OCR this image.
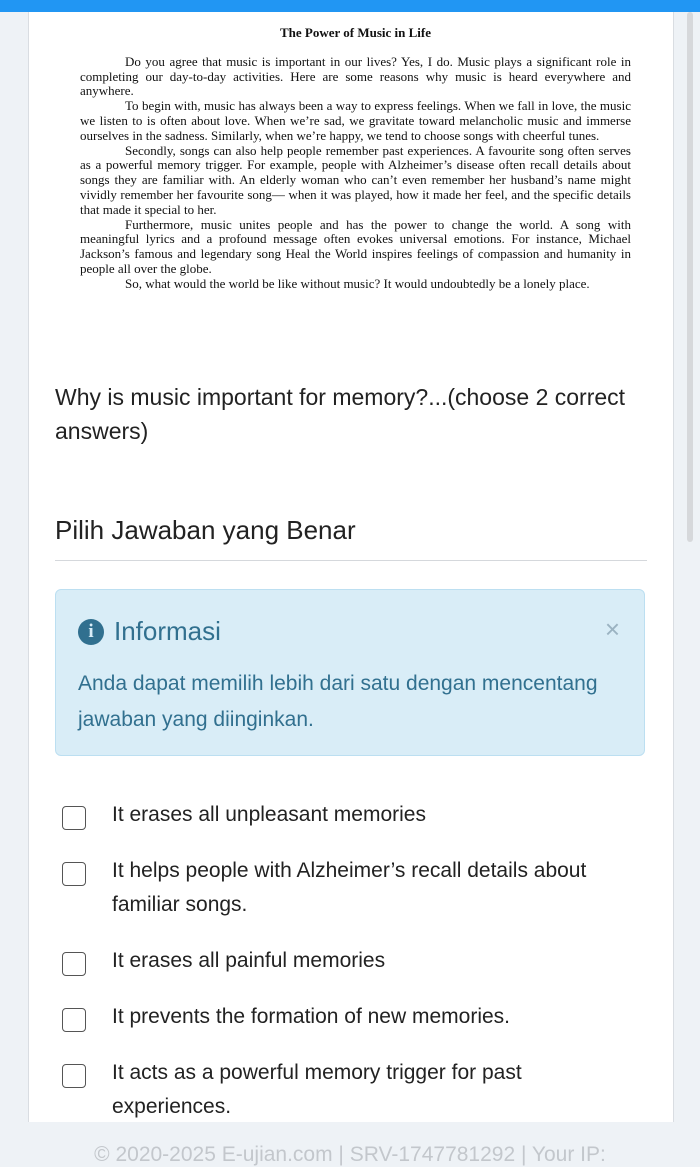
The Power of Music in Life

Do you agree that music is important in our lives? Yes, I do. Music plays a significant role in completing our day-to-day activities. Here are some reasons why music is heard everywhere and anywhere.

To begin with, music has always been a way to express feelings. When we fall in love, the music we listen to is often about love. When we’re sad, we gravitate toward melancholic music and immerse ourselves in the sadness. Similarly, when we’re happy, we tend to choose songs with cheerful tunes.

Secondly, songs can also help people remember past experiences. A favourite song often serves as a powerful memory trigger. For example, people with Alzheimer’s disease often recall details about songs they are familiar with. An elderly woman who can’t even remember her husband’s name might vividly remember her favourite song— when it was played, how it made her feel, and the specific details that made it special to her.

Furthermore, music unites people and has the power to change the world. A song with meaningful lyrics and a profound message often evokes universal emotions. For instance, Michael Jackson’s famous and legendary song Heal the World inspires feelings of compassion and humanity in people all over the globe.

So, what would the world be like without music? It would undoubtedly be a lonely place.

Why is music important for memory?...(choose 2 correct answers)
Pilih Jawaban yang Benar
i Informasi	×
Anda dapat memilih lebih dari satu dengan mencentang jawaban yang diinginkan.
It erases all unpleasant memories
It helps people with Alzheimer’s recall details about familiar songs.
It erases all painful memories
It prevents the formation of new memories.
It acts as a powerful memory trigger for past experiences.
© 2020-2025 E-ujian.com | SRV-1747781292 | Your IP:
